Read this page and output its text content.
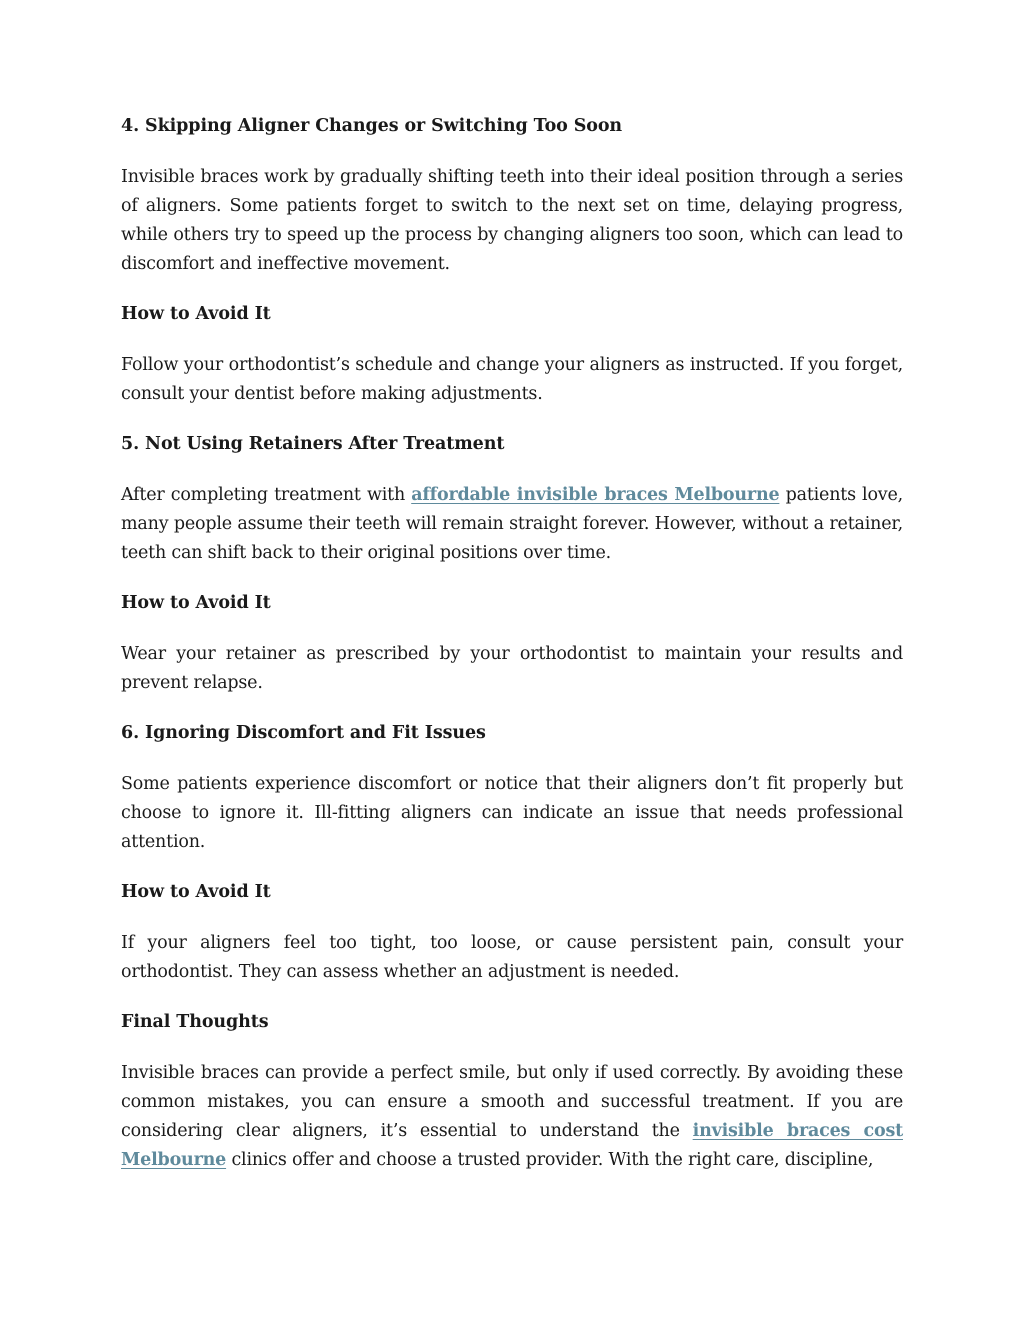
4. Skipping Aligner Changes or Switching Too Soon

Invisible braces work by gradually shifting teeth into their ideal position through a series of aligners. Some patients forget to switch to the next set on time, delaying progress, while others try to speed up the process by changing aligners too soon, which can lead to discomfort and ineffective movement.

How to Avoid It

Follow your orthodontist’s schedule and change your aligners as instructed. If you forget, consult your dentist before making adjustments.

5. Not Using Retainers After Treatment

After completing treatment with affordable invisible braces Melbourne patients love, many people assume their teeth will remain straight forever. However, without a retainer, teeth can shift back to their original positions over time.

How to Avoid It

Wear your retainer as prescribed by your orthodontist to maintain your results and prevent relapse.

6. Ignoring Discomfort and Fit Issues

Some patients experience discomfort or notice that their aligners don’t fit properly but choose to ignore it. Ill-fitting aligners can indicate an issue that needs professional attention.

How to Avoid It

If your aligners feel too tight, too loose, or cause persistent pain, consult your orthodontist. They can assess whether an adjustment is needed.

Final Thoughts

Invisible braces can provide a perfect smile, but only if used correctly. By avoiding these common mistakes, you can ensure a smooth and successful treatment. If you are considering clear aligners, it’s essential to understand the invisible braces cost Melbourne clinics offer and choose a trusted provider. With the right care, discipline,
